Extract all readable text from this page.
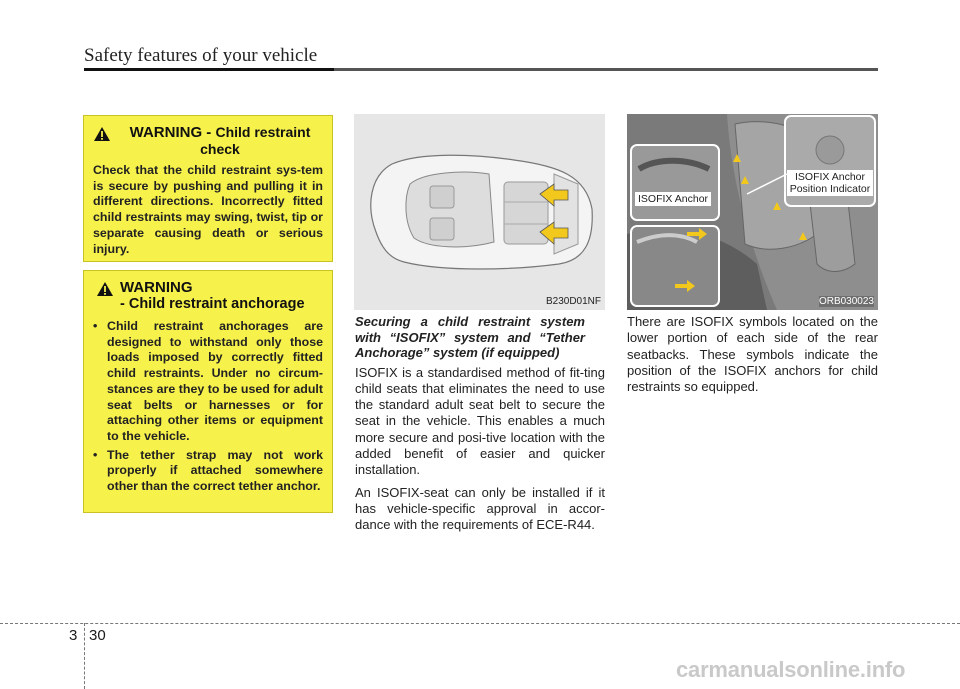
Safety features of your vehicle
WARNING - Child restraint check
Check that the child restraint sys-tem is secure by pushing and pulling it in different directions. Incorrectly fitted child restraints may swing, twist, tip or separate causing death or serious injury.
WARNING
- Child restraint anchorage
• Child restraint anchorages are designed to withstand only those loads imposed by correctly fitted child restraints. Under no circum-stances are they to be used for adult seat belts or harnesses or for attaching other items or equipment to the vehicle.
• The tether strap may not work properly if attached somewhere other than the correct tether anchor.
B230D01NF
ISOFIX Anchor
ISOFIX Anchor
Position Indicator
ORB030023
Securing a child restraint system with “ISOFIX” system and “Tether Anchorage” system (if equipped)

ISOFIX is a standardised method of fit-ting child seats that eliminates the need to use the standard adult seat belt to secure the seat in the vehicle. This enables a much more secure and posi-tive location with the added benefit of easier and quicker installation.

An ISOFIX-seat can only be installed if it has vehicle-specific approval in accor-dance with the requirements of ECE-R44.

There are ISOFIX symbols located on the lower portion of each side of the rear seatbacks. These symbols indicate the position of the ISOFIX anchors for child restraints so equipped.

3 30
carmanualsonline.info
